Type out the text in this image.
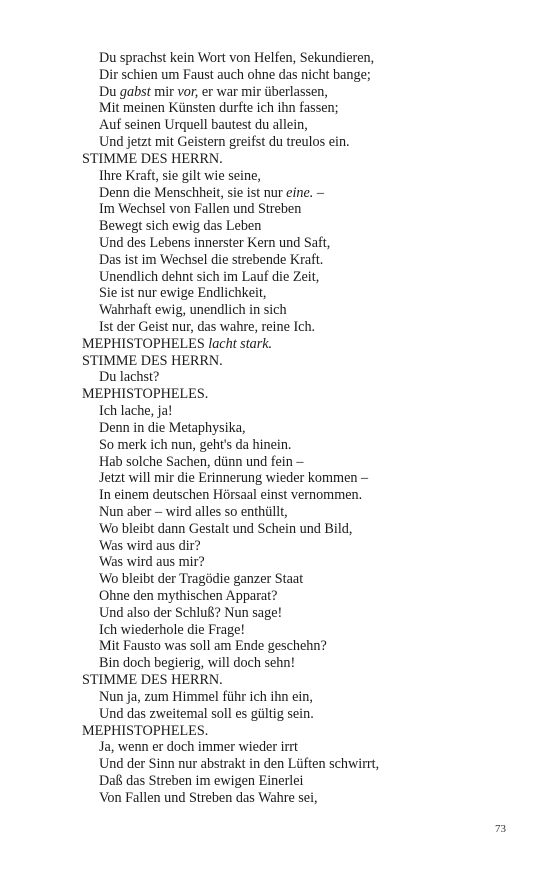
Du sprachst kein Wort von Helfen, Sekundieren,
Dir schien um Faust auch ohne das nicht bange;
Du gabst mir vor, er war mir überlassen,
Mit meinen Künsten durfte ich ihn fassen;
Auf seinen Urquell bautest du allein,
Und jetzt mit Geistern greifst du treulos ein.
STIMME DES HERRN.
Ihre Kraft, sie gilt wie seine,
Denn die Menschheit, sie ist nur eine. –
Im Wechsel von Fallen und Streben
Bewegt sich ewig das Leben
Und des Lebens innerster Kern und Saft,
Das ist im Wechsel die strebende Kraft.
Unendlich dehnt sich im Lauf die Zeit,
Sie ist nur ewige Endlichkeit,
Wahrhaft ewig, unendlich in sich
Ist der Geist nur, das wahre, reine Ich.
MEPHISTOPHELES lacht stark.
STIMME DES HERRN.
Du lachst?
MEPHISTOPHELES.
Ich lache, ja!
Denn in die Metaphysika,
So merk ich nun, geht's da hinein.
Hab solche Sachen, dünn und fein –
Jetzt will mir die Erinnerung wieder kommen –
In einem deutschen Hörsaal einst vernommen.
Nun aber – wird alles so enthüllt,
Wo bleibt dann Gestalt und Schein und Bild,
Was wird aus dir?
Was wird aus mir?
Wo bleibt der Tragödie ganzer Staat
Ohne den mythischen Apparat?
Und also der Schluß? Nun sage!
Ich wiederhole die Frage!
Mit Fausto was soll am Ende geschehn?
Bin doch begierig, will doch sehn!
STIMME DES HERRN.
Nun ja, zum Himmel führ ich ihn ein,
Und das zweitemal soll es gültig sein.
MEPHISTOPHELES.
Ja, wenn er doch immer wieder irrt
Und der Sinn nur abstrakt in den Lüften schwirrt,
Daß das Streben im ewigen Einerlei
Von Fallen und Streben das Wahre sei,
73
